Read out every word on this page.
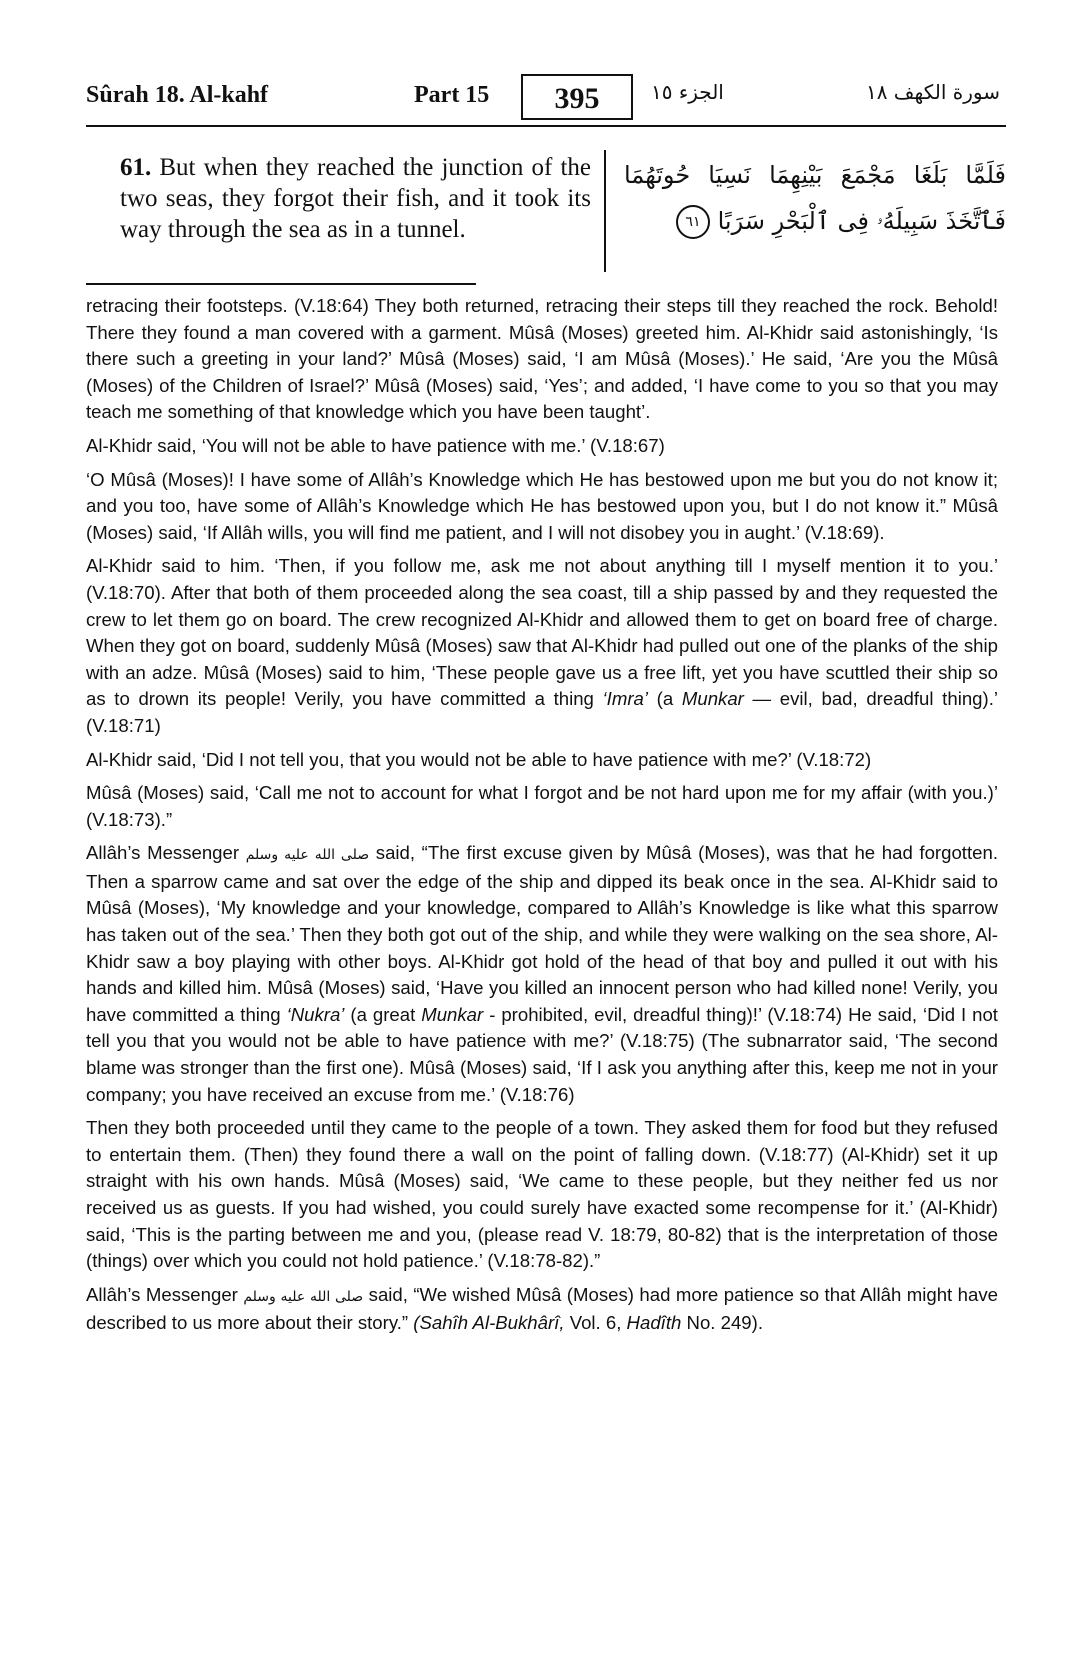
Sûrah 18. Al-kahf	Part 15	395	الجزء ١٥	سورة الكهف ١٨
61. But when they reached the junction of the two seas, they forgot their fish, and it took its way through the sea as in a tunnel.
فَلَمَّا بَلَغَا مَجْمَعَ بَيْنِهِمَا نَسِيَا حُوتَهُمَا فَٱتَّخَذَ سَبِيلَهُۥ فِى ٱلْبَحْرِ سَرَبًا ٦١

retracing their footsteps. (V.18:64) They both returned, retracing their steps till they reached the rock. Behold! There they found a man covered with a garment. Mûsâ (Moses) greeted him. Al-Khidr said astonishingly, ‘Is there such a greeting in your land?’ Mûsâ (Moses) said, ‘I am Mûsâ (Moses).’ He said, ‘Are you the Mûsâ (Moses) of the Children of Israel?’ Mûsâ (Moses) said, ‘Yes’; and added, ‘I have come to you so that you may teach me something of that knowledge which you have been taught’.

Al-Khidr said, ‘You will not be able to have patience with me.’ (V.18:67)

‘O Mûsâ (Moses)! I have some of Allâh’s Knowledge which He has bestowed upon me but you do not know it; and you too, have some of Allâh’s Knowledge which He has bestowed upon you, but I do not know it.” Mûsâ (Moses) said, ‘If Allâh wills, you will find me patient, and I will not disobey you in aught.’ (V.18:69).

Al-Khidr said to him. ‘Then, if you follow me, ask me not about anything till I myself mention it to you.’ (V.18:70). After that both of them proceeded along the sea coast, till a ship passed by and they requested the crew to let them go on board. The crew recognized Al-Khidr and allowed them to get on board free of charge. When they got on board, suddenly Mûsâ (Moses) saw that Al-Khidr had pulled out one of the planks of the ship with an adze. Mûsâ (Moses) said to him, ‘These people gave us a free lift, yet you have scuttled their ship so as to drown its people! Verily, you have committed a thing ‘Imra’ (a Munkar — evil, bad, dreadful thing).’ (V.18:71)

Al-Khidr said, ‘Did I not tell you, that you would not be able to have patience with me?’ (V.18:72)

Mûsâ (Moses) said, ‘Call me not to account for what I forgot and be not hard upon me for my affair (with you.)’ (V.18:73).”

Allâh’s Messenger صلى الله عليه وسلم said, “The first excuse given by Mûsâ (Moses), was that he had forgotten. Then a sparrow came and sat over the edge of the ship and dipped its beak once in the sea. Al-Khidr said to Mûsâ (Moses), ‘My knowledge and your knowledge, compared to Allâh’s Knowledge is like what this sparrow has taken out of the sea.’ Then they both got out of the ship, and while they were walking on the sea shore, Al-Khidr saw a boy playing with other boys. Al-Khidr got hold of the head of that boy and pulled it out with his hands and killed him. Mûsâ (Moses) said, ‘Have you killed an innocent person who had killed none! Verily, you have committed a thing ‘Nukra’ (a great Munkar - prohibited, evil, dreadful thing)!’ (V.18:74) He said, ‘Did I not tell you that you would not be able to have patience with me?’ (V.18:75) (The subnarrator said, ‘The second blame was stronger than the first one). Mûsâ (Moses) said, ‘If I ask you anything after this, keep me not in your company; you have received an excuse from me.’ (V.18:76)

Then they both proceeded until they came to the people of a town. They asked them for food but they refused to entertain them. (Then) they found there a wall on the point of falling down. (V.18:77) (Al-Khidr) set it up straight with his own hands. Mûsâ (Moses) said, ‘We came to these people, but they neither fed us nor received us as guests. If you had wished, you could surely have exacted some recompense for it.’ (Al-Khidr) said, ‘This is the parting between me and you, (please read V. 18:79, 80-82) that is the interpretation of those (things) over which you could not hold patience.’ (V.18:78-82).”

Allâh’s Messenger صلى الله عليه وسلم said, “We wished Mûsâ (Moses) had more patience so that Allâh might have described to us more about their story.” (Sahîh Al-Bukhârî, Vol. 6, Hadîth No. 249).
